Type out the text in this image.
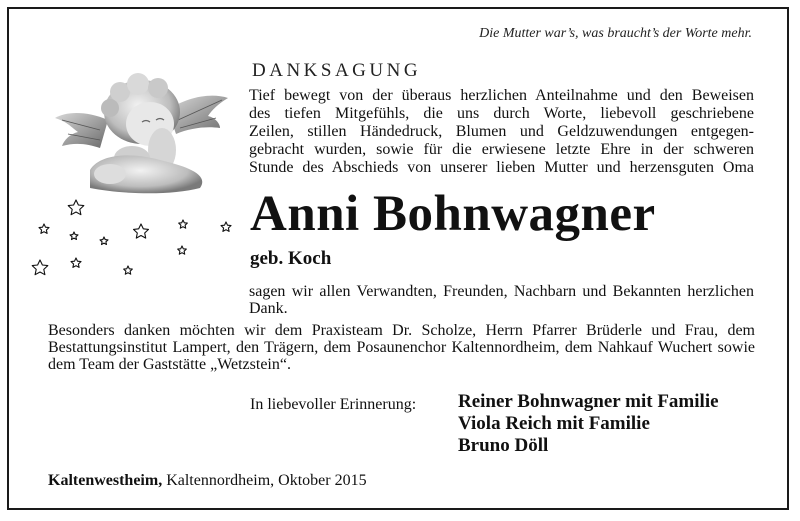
Die Mutter war’s, was braucht’s der Worte mehr.
DANKSAGUNG
Tief bewegt von der überaus herzlichen Anteilnahme und den Beweisen
des tiefen Mitgefühls, die uns durch Worte, liebevoll geschriebene
Zeilen, stillen Händedruck, Blumen und Geldzuwendungen entgegen-
gebracht wurden, sowie für die erwiesene letzte Ehre in der schweren
Stunde des Abschieds von unserer lieben Mutter und herzensguten Oma
Anni Bohnwagner
geb. Koch
sagen wir allen Verwandten, Freunden, Nachbarn und Bekannten herzlichen Dank.
Besonders danken möchten wir dem Praxisteam Dr. Scholze, Herrn Pfarrer Brüderle und Frau, dem Bestattungsinstitut Lampert, den Trägern, dem Posaunenchor Kaltennordheim, dem Nahkauf Wuchert sowie dem Team der Gaststätte „Wetzstein“.
In liebevoller Erinnerung: Reiner Bohnwagner mit Familie
Viola Reich mit Familie
Bruno Döll
Kaltenwestheim, Kaltennordheim, Oktober 2015
